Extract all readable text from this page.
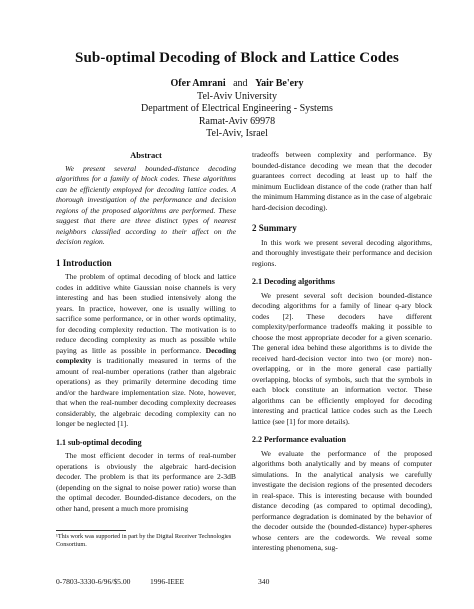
Sub-optimal Decoding of Block and Lattice Codes
Ofer Amrani and Yair Be'ery
Tel-Aviv University
Department of Electrical Engineering - Systems
Ramat-Aviv 69978
Tel-Aviv, Israel
Abstract

We present several bounded-distance decoding algorithms for a family of block codes. These algorithms can be efficiently employed for decoding lattice codes. A thorough investigation of the performance and decision regions of the proposed algorithms are performed. These suggest that there are three distinct types of nearest neighbors classified according to their affect on the decision region.

1 Introduction

The problem of optimal decoding of block and lattice codes in additive white Gaussian noise channels is very interesting and has been studied intensively along the years. In practice, however, one is usually willing to sacrifice some performance, or in other words optimality, for decoding complexity reduction. The motivation is to reduce decoding complexity as much as possible while paying as little as possible in performance. Decoding complexity is traditionally measured in terms of the amount of real-number operations (rather than algebraic operations) as they primarily determine decoding time and/or the hardware implementation size. Note, however, that when the real-number decoding complexity decreases considerably, the algebraic decoding complexity can no longer be neglected [1].

1.1 sub-optimal decoding

The most efficient decoder in terms of real-number operations is obviously the algebraic hard-decision decoder. The problem is that its performance are 2-3dB (depending on the signal to noise power ratio) worse than the optimal decoder. Bounded-distance decoders, on the other hand, present a much more promising

tradeoffs between complexity and performance. By bounded-distance decoding we mean that the decoder guarantees correct decoding at least up to half the minimum Euclidean distance of the code (rather than half the minimum Hamming distance as in the case of algebraic hard-decision decoding).

2 Summary

In this work we present several decoding algorithms, and thoroughly investigate their performance and decision regions.

2.1 Decoding algorithms

We present several soft decision bounded-distance decoding algorithms for a family of linear q-ary block codes [2]. These decoders have different complexity/performance tradeoffs making it possible to choose the most appropriate decoder for a given scenario. The general idea behind these algorithms is to divide the received hard-decision vector into two (or more) non-overlapping, or in the more general case partially overlapping, blocks of symbols, such that the symbols in each block constitute an information vector. These algorithms can be efficiently employed for decoding interesting and practical lattice codes such as the Leech lattice (see [1] for more details).

2.2 Performance evaluation

We evaluate the performance of the proposed algorithms both analytically and by means of computer simulations. In the analytical analysis we carefully investigate the decision regions of the presented decoders in real-space. This is interesting because with bounded distance decoding (as compared to optimal decoding), performance degradation is dominated by the behavior of the decoder outside the (bounded-distance) hyper-spheres whose centers are the codewords. We reveal some interesting phenomena, sug-

¹This work was supported in part by the Digital Receiver Technologies Consortium.
0-7803-3330-6/96/$5.00	1996-IEEE	340
